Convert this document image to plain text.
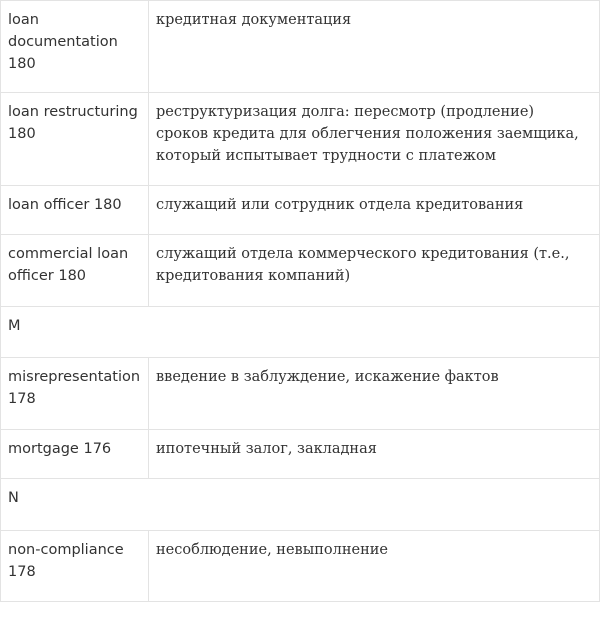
loan documentation 180	кредитная документация
loan restructuring 180	реструктуризация долга: пересмотр (продление) сроков кредита для облегчения положения заемщика, который испытывает трудности с платежом
loan officer 180	служащий или сотрудник отдела кредитования
commercial loan officer 180	служащий отдела коммерческого кредитования (т.е., кредитования компаний)
M	
misrepresentation 178	введение в заблуждение, искажение фактов
mortgage 176	ипотечный залог, закладная
N	
non-compliance 178	несоблюдение, невыполнение
